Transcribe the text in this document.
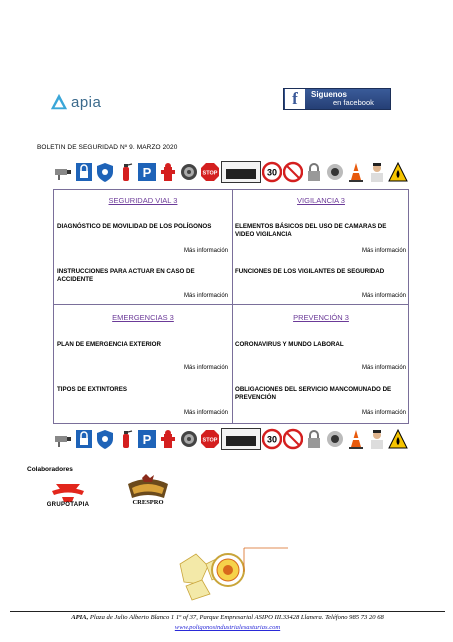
apia	f	Siguenos
en facebook
BOLETIN DE SEGURIDAD Nº 9. MARZO 2020
P	STOP	30
SEGURIDAD VIAL 3
DIAGNÓSTICO DE MOVILIDAD DE LOS POLÍGONOS
Más información
INSTRUCCIONES PARA ACTUAR EN CASO DE ACCIDENTE
Más información
VIGILANCIA 3
ELEMENTOS BÁSICOS DEL USO DE CAMARAS DE VIDEO VIGILANCIA
Más información
FUNCIONES DE LOS VIGILANTES DE SEGURIDAD
Más información
EMERGENCIAS 3
PLAN DE EMERGENCIA EXTERIOR
Más información
TIPOS DE EXTINTORES
Más información
PREVENCIÓN 3
CORONAVIRUS Y MUNDO LABORAL
Más información
OBLIGACIONES DEL SERVICIO MANCOMUNADO DE PREVENCIÓN
Más información
P	STOP	30
Colaboradores
GRUPOTAPIA	CRESPRO
APIA, Plaza de Julio Alberto Blanco 1 1º of 37, Parque Empresarial ASIPO III.33428 Llanera. Teléfono 985 73 20 68
www.poligonosindustrialesasturias.com
